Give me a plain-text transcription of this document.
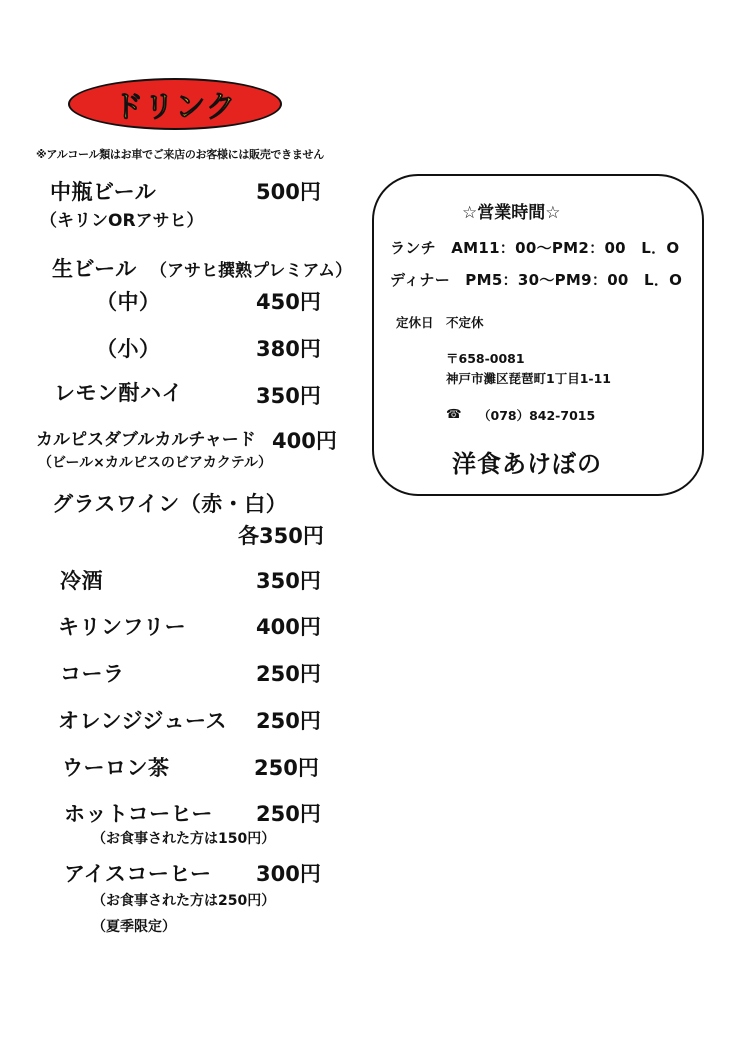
ドリンク
※アルコール類はお車でご来店のお客様には販売できません
中瓶ビール	500円
（キリンORアサヒ）
生ビール （アサヒ撰熟プレミアム）
（中）	450円
（小）	380円
レモン酎ハイ	350円
カルピスダブルカルチャード 400円
（ビール×カルピスのビアカクテル）
グラスワイン（赤・白）
各350円
冷酒	350円
キリンフリー	400円
コーラ	250円
オレンジジュース 250円
ウーロン茶	250円
ホットコーヒー 250円
（お食事された方は150円）
アイスコーヒー 300円
（お食事された方は250円）
（夏季限定）
☆営業時間☆
ランチ　AM11：00～PM2：00　L．O
ディナー　PM5：30～PM9：00　L．O
定休日　不定休
〒658-0081
神戸市灘区琵琶町1丁目1-11
☎ （078）842-7015
洋食あけぼの
